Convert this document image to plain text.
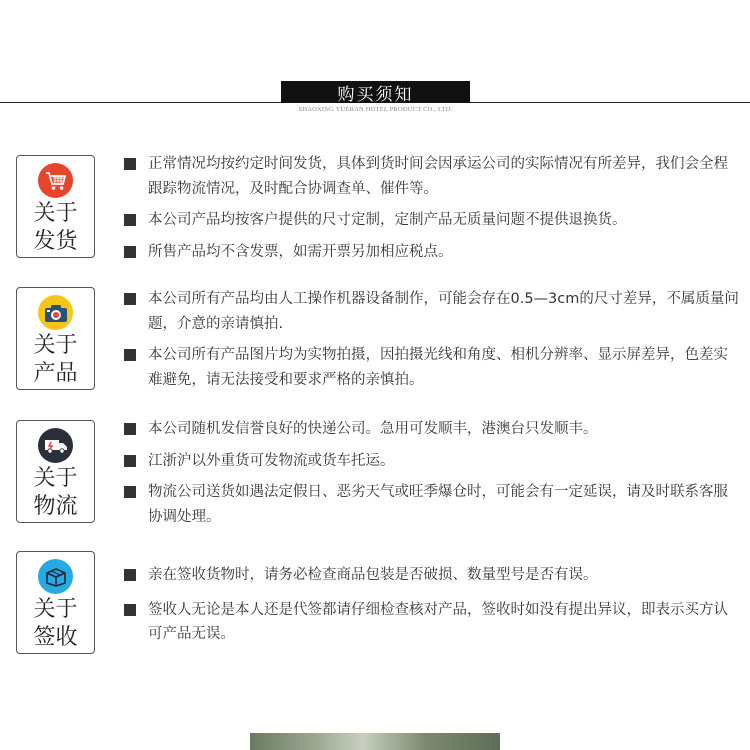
购买须知
SHAOXING YUERAN HOTEL PRODUCT CO., LTD.
关于
发货
正常情况均按约定时间发货，具体到货时间会因承运公司的实际情况有所差异，我们会全程跟踪物流情况，及时配合协调查单、催件等。
本公司产品均按客户提供的尺寸定制，定制产品无质量问题不提供退换货。
所售产品均不含发票，如需开票另加相应税点。
关于
产品
本公司所有产品均由人工操作机器设备制作，可能会存在0.5—3cm的尺寸差异，不属质量问题，介意的亲请慎拍.
本公司所有产品图片均为实物拍摄，因拍摄光线和角度、相机分辨率、显示屏差异，色差实难避免，请无法接受和要求严格的亲慎拍。
关于
物流
本公司随机发信誉良好的快递公司。急用可发顺丰，港澳台只发顺丰。
江浙沪以外重货可发物流或货车托运。
物流公司送货如遇法定假日、恶劣天气或旺季爆仓时，可能会有一定延误，请及时联系客服协调处理。
关于
签收
亲在签收货物时，请务必检查商品包装是否破损、数量型号是否有误。
签收人无论是本人还是代签都请仔细检查核对产品，签收时如没有提出异议，即表示买方认可产品无误。
